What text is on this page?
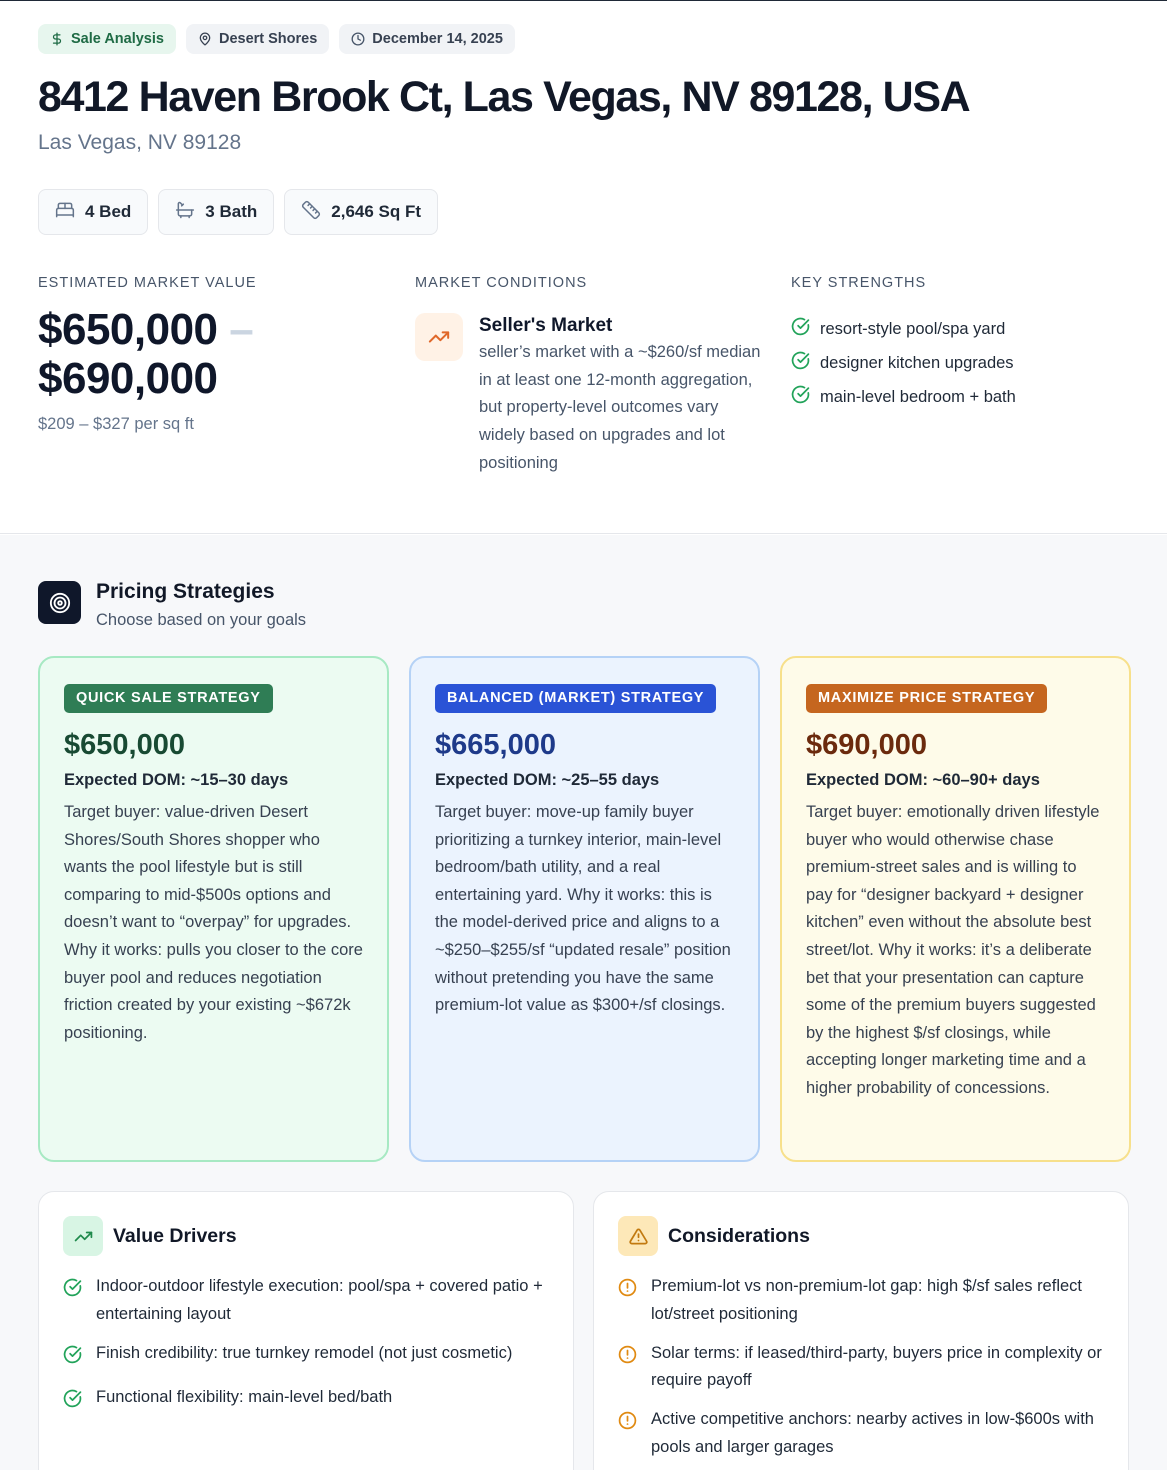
Sale Analysis	Desert Shores	December 14, 2025
8412 Haven Brook Ct, Las Vegas, NV 89128, USA
Las Vegas, NV 89128
4 Bed	3 Bath	2,646 Sq Ft
ESTIMATED MARKET VALUE
$650,000 –
$690,000
$209 – $327 per sq ft
MARKET CONDITIONS
Seller's Market
seller’s market with a ~$260/sf median in at least one 12-month aggregation, but property-level outcomes vary widely based on upgrades and lot positioning
KEY STRENGTHS
resort-style pool/spa yard
designer kitchen upgrades
main-level bedroom + bath
Pricing Strategies
Choose based on your goals
QUICK SALE STRATEGY
$650,000
Expected DOM: ~15–30 days
Target buyer: value-driven Desert Shores/South Shores shopper who wants the pool lifestyle but is still comparing to mid-$500s options and doesn’t want to “overpay” for upgrades. Why it works: pulls you closer to the core buyer pool and reduces negotiation friction created by your existing ~$672k positioning.
BALANCED (MARKET) STRATEGY
$665,000
Expected DOM: ~25–55 days
Target buyer: move-up family buyer prioritizing a turnkey interior, main-level bedroom/bath utility, and a real entertaining yard. Why it works: this is the model-derived price and aligns to a ~$250–$255/sf “updated resale” position without pretending you have the same premium-lot value as $300+/sf closings.
MAXIMIZE PRICE STRATEGY
$690,000
Expected DOM: ~60–90+ days
Target buyer: emotionally driven lifestyle buyer who would otherwise chase premium-street sales and is willing to pay for “designer backyard + designer kitchen” even without the absolute best street/lot. Why it works: it’s a deliberate bet that your presentation can capture some of the premium buyers suggested by the highest $/sf closings, while accepting longer marketing time and a higher probability of concessions.
Value Drivers
Indoor-outdoor lifestyle execution: pool/spa + covered patio + entertaining layout
Finish credibility: true turnkey remodel (not just cosmetic)
Functional flexibility: main-level bed/bath
Considerations
Premium-lot vs non-premium-lot gap: high $/sf sales reflect lot/street positioning
Solar terms: if leased/third-party, buyers price in complexity or require payoff
Active competitive anchors: nearby actives in low-$600s with pools and larger garages
